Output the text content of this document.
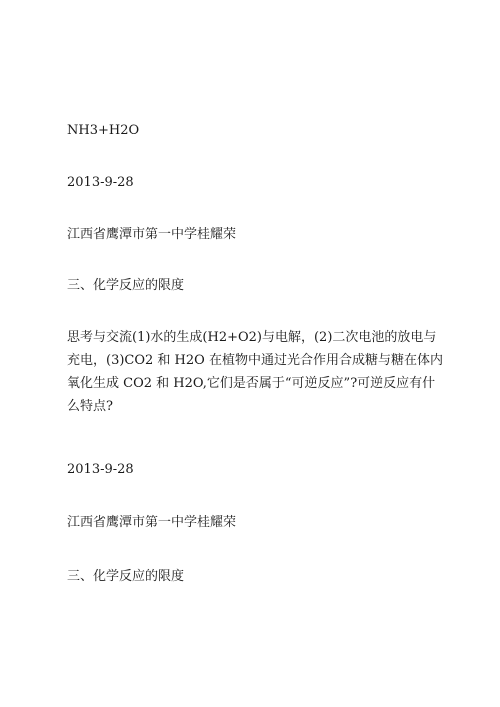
NH3+H2O
2013-9-28
江西省鹰潭市第一中学桂耀荣
三、化学反应的限度
思考与交流(1)水的生成(H2+O2)与电解，(2)二次电池的放电与
充电，(3)CO2 和 H2O 在植物中通过光合作用合成糖与糖在体内
氧化生成 CO2 和 H2O,它们是否属于“可逆反应”?可逆反应有什
么特点?
2013-9-28
江西省鹰潭市第一中学桂耀荣
三、化学反应的限度
